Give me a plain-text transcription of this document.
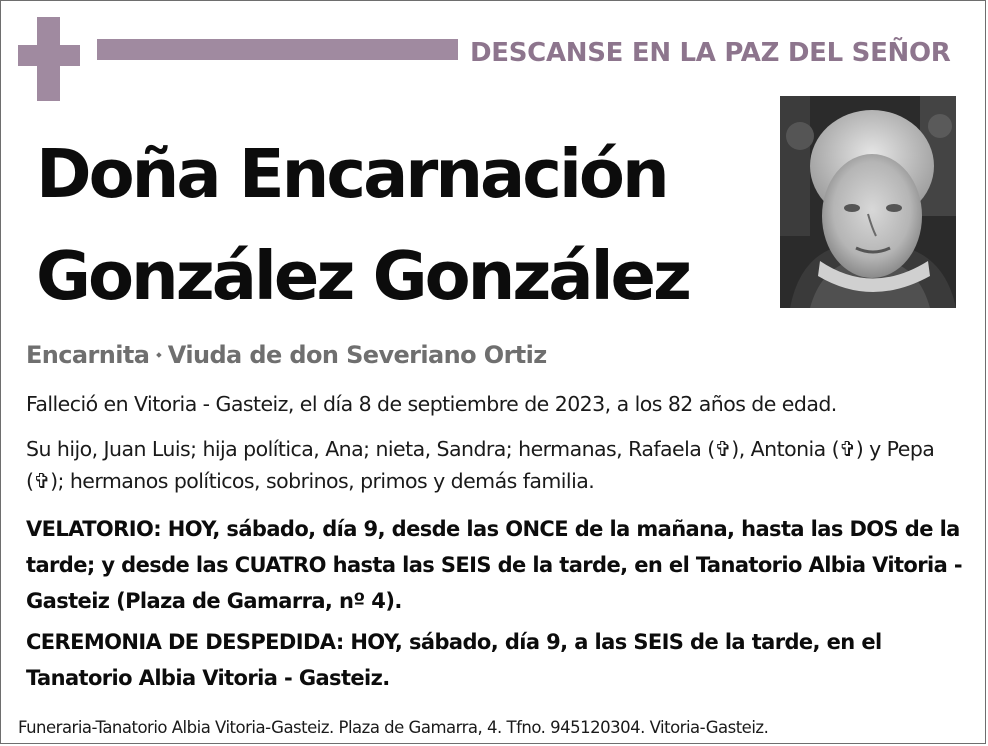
DESCANSE EN LA PAZ DEL SEÑOR
Doña Encarnación
González González
Encarnita ⬩ Viuda de don Severiano Ortiz
Falleció en Vitoria - Gasteiz, el día 8 de septiembre de 2023, a los 82 años de edad.
Su hijo, Juan Luis; hija política, Ana; nieta, Sandra; hermanas, Rafaela (✞), Antonia (✞) y Pepa (✞); hermanos políticos, sobrinos, primos y demás familia.
VELATORIO: HOY, sábado, día 9, desde las ONCE de la mañana, hasta las DOS de la tarde; y desde las CUATRO hasta las SEIS de la tarde, en el Tanatorio Albia Vitoria - Gasteiz (Plaza de Gamarra, nº 4).
CEREMONIA DE DESPEDIDA: HOY, sábado, día 9, a las SEIS de la tarde, en el Tanatorio Albia Vitoria - Gasteiz.
Funeraria-Tanatorio Albia Vitoria-Gasteiz. Plaza de Gamarra, 4. Tfno. 945120304. Vitoria-Gasteiz.
